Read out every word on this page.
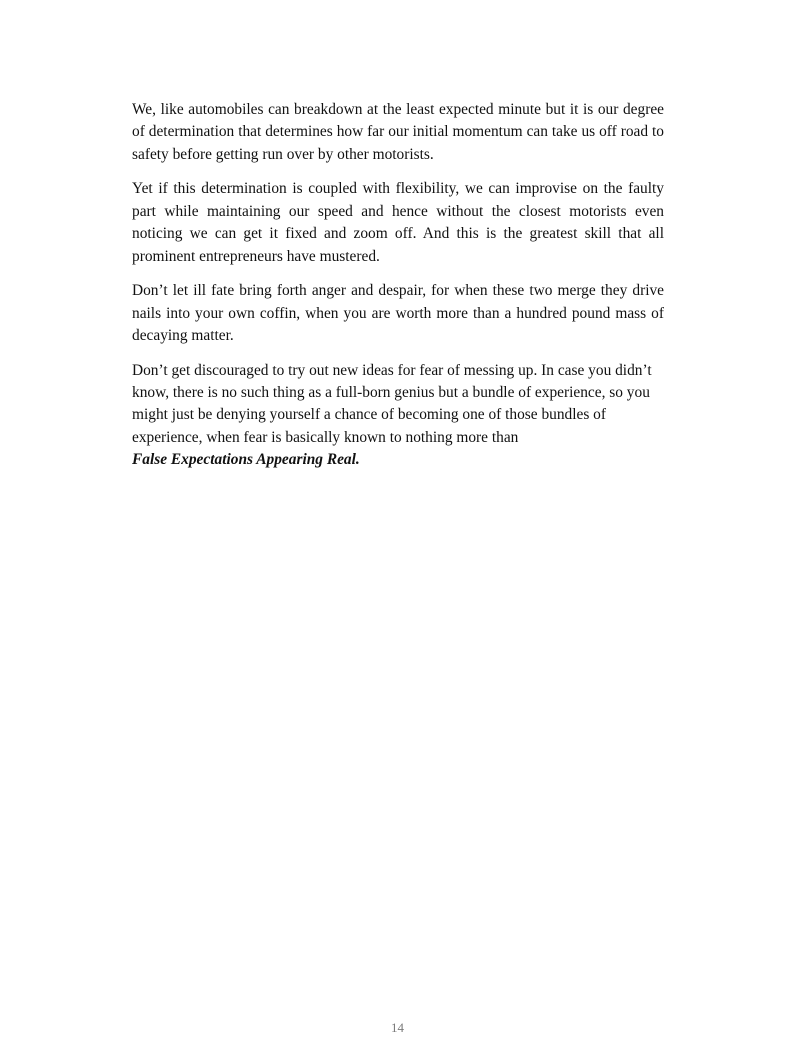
We, like automobiles can breakdown at the least expected minute but it is our degree of determination that determines how far our initial momentum can take us off road to safety before getting run over by other motorists.

Yet if this determination is coupled with flexibility, we can improvise on the faulty part while maintaining our speed and hence without the closest motorists even noticing we can get it fixed and zoom off. And this is the greatest skill that all prominent entrepreneurs have mustered.

Don’t let ill fate bring forth anger and despair, for when these two merge they drive nails into your own coffin, when you are worth more than a hundred pound mass of decaying matter.

Don’t get discouraged to try out new ideas for fear of messing up. In case you didn’t know, there is no such thing as a full-born genius but a bundle of experience, so you might just be denying yourself a chance of becoming one of those bundles of experience, when fear is basically known to nothing more than
False Expectations Appearing Real.

14
